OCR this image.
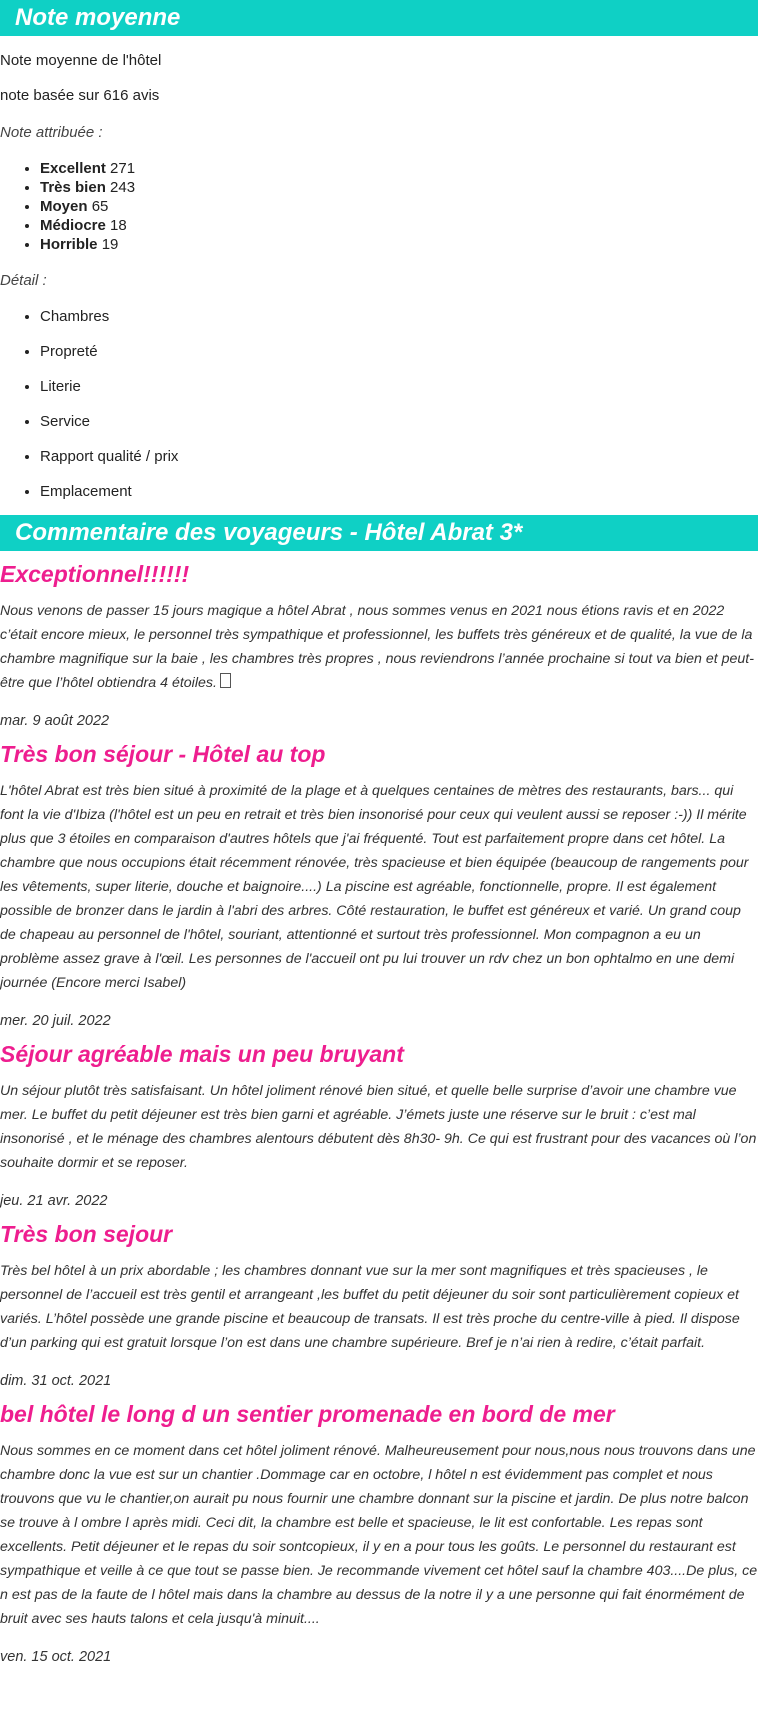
Note moyenne

Note moyenne de l'hôtel

note basée sur 616 avis

Note attribuée :

• Excellent 271
• Très bien 243
• Moyen 65
• Médiocre 18
• Horrible 19

Détail :

• Chambres
• Propreté
• Literie
• Service
• Rapport qualité / prix
• Emplacement
Commentaire des voyageurs - Hôtel Abrat 3*
Exceptionnel!!!!!!

Nous venons de passer 15 jours magique a hôtel Abrat , nous sommes venus en 2021 nous étions ravis et en 2022 c’était encore mieux, le personnel très sympathique et professionnel, les buffets très généreux et de qualité, la vue de la chambre magnifique sur la baie , les chambres très propres , nous reviendrons l’année prochaine si tout va bien et peut-être que l’hôtel obtiendra 4 étoiles.

mar. 9 août 2022

Très bon séjour - Hôtel au top

L'hôtel Abrat est très bien situé à proximité de la plage et à quelques centaines de mètres des restaurants, bars... qui font la vie d'Ibiza (l'hôtel est un peu en retrait et très bien insonorisé pour ceux qui veulent aussi se reposer :-)) Il mérite plus que 3 étoiles en comparaison d'autres hôtels que j'ai fréquenté. Tout est parfaitement propre dans cet hôtel. La chambre que nous occupions était récemment rénovée, très spacieuse et bien équipée (beaucoup de rangements pour les vêtements, super literie, douche et baignoire....) La piscine est agréable, fonctionnelle, propre. Il est également possible de bronzer dans le jardin à l'abri des arbres. Côté restauration, le buffet est généreux et varié. Un grand coup de chapeau au personnel de l'hôtel, souriant, attentionné et surtout très professionnel. Mon compagnon a eu un problème assez grave à l'œil. Les personnes de l'accueil ont pu lui trouver un rdv chez un bon ophtalmo en une demi journée (Encore merci Isabel)

mer. 20 juil. 2022

Séjour agréable mais un peu bruyant

Un séjour plutôt très satisfaisant. Un hôtel joliment rénové bien situé, et quelle belle surprise d’avoir une chambre vue mer. Le buffet du petit déjeuner est très bien garni et agréable. J’émets juste une réserve sur le bruit : c’est mal insonorisé , et le ménage des chambres alentours débutent dès 8h30- 9h. Ce qui est frustrant pour des vacances où l’on souhaite dormir et se reposer.

jeu. 21 avr. 2022

Très bon sejour

Très bel hôtel à un prix abordable ; les chambres donnant vue sur la mer sont magnifiques et très spacieuses , le personnel de l’accueil est très gentil et arrangeant ,les buffet du petit déjeuner du soir sont particulièrement copieux et variés. L’hôtel possède une grande piscine et beaucoup de transats. Il est très proche du centre-ville à pied. Il dispose d’un parking qui est gratuit lorsque l’on est dans une chambre supérieure. Bref je n’ai rien à redire, c’était parfait.

dim. 31 oct. 2021

bel hôtel le long d un sentier promenade en bord de mer

Nous sommes en ce moment dans cet hôtel joliment rénové. Malheureusement pour nous,nous nous trouvons dans une chambre donc la vue est sur un chantier .Dommage car en octobre, l hôtel n est évidemment pas complet et nous trouvons que vu le chantier,on aurait pu nous fournir une chambre donnant sur la piscine et jardin. De plus notre balcon se trouve à l ombre l après midi. Ceci dit, la chambre est belle et spacieuse, le lit est confortable. Les repas sont excellents. Petit déjeuner et le repas du soir sontcopieux, il y en a pour tous les goûts. Le personnel du restaurant est sympathique et veille à ce que tout se passe bien. Je recommande vivement cet hôtel sauf la chambre 403....De plus, ce n est pas de la faute de l hôtel mais dans la chambre au dessus de la notre il y a une personne qui fait énormément de bruit avec ses hauts talons et cela jusqu'à minuit....

ven. 15 oct. 2021
